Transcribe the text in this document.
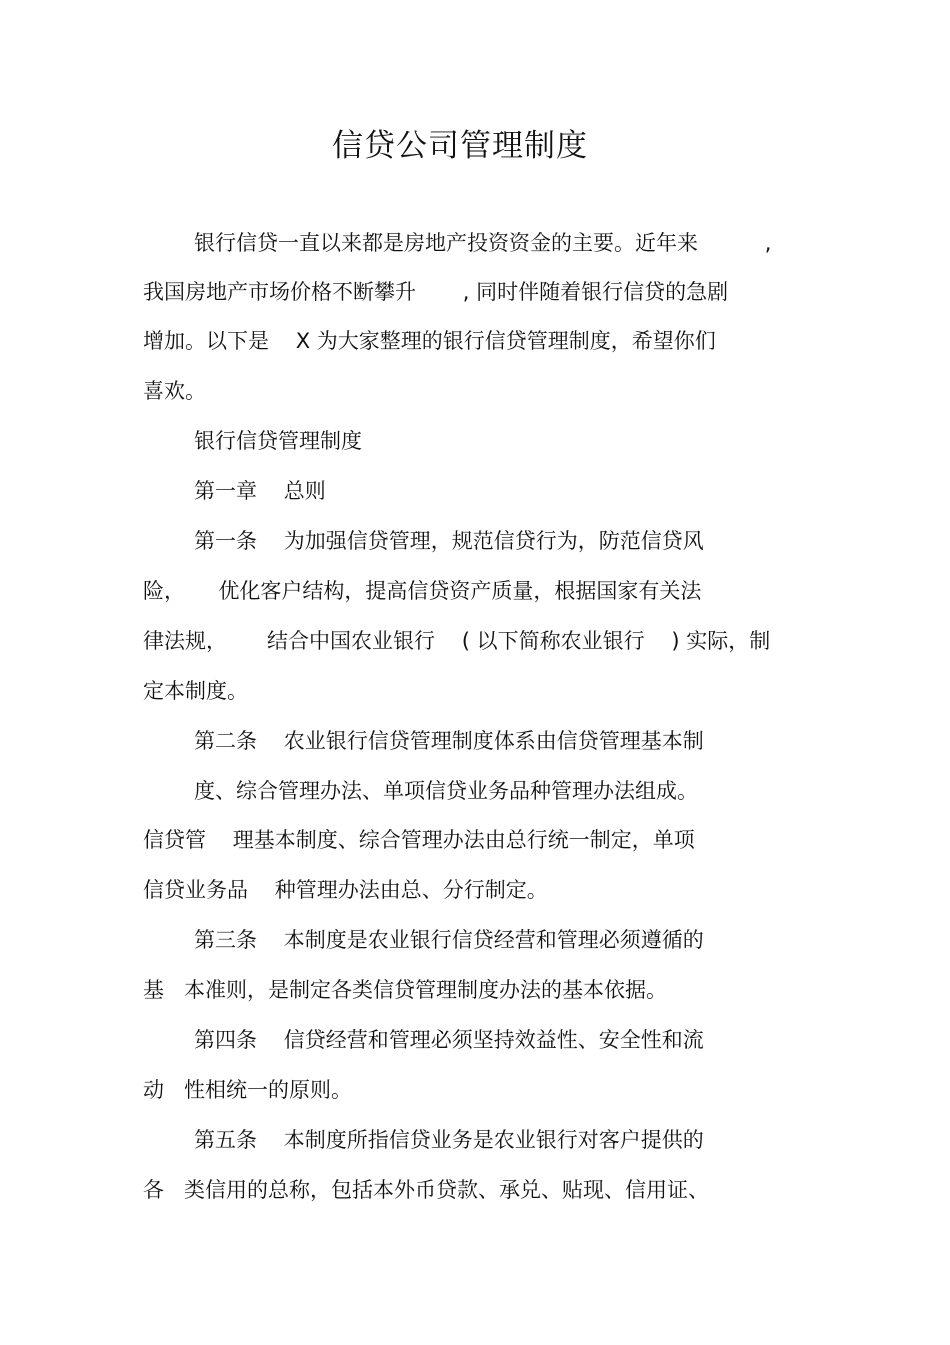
信贷公司管理制度
银行信贷一直以来都是房地产投资资金的主要。近年来          ,
我国房地产市场价格不断攀升       , 同时伴随着银行信贷的急剧
增加。以下是    X 为大家整理的银行信贷管理制度，希望你们
喜欢。
银行信贷管理制度
第一章    总则
第一条    为加强信贷管理，规范信贷行为，防范信贷风
险，     优化客户结构，提高信贷资产质量，根据国家有关法
律法规，      结合中国农业银行    ( 以下简称农业银行    ) 实际，制
定本制度。
第二条    农业银行信贷管理制度体系由信贷管理基本制
度、综合管理办法、单项信贷业务品种管理办法组成。
信贷管    理基本制度、综合管理办法由总行统一制定，单项
信贷业务品    种管理办法由总、分行制定。
第三条    本制度是农业银行信贷经营和管理必须遵循的
基   本准则，是制定各类信贷管理制度办法的基本依据。
第四条    信贷经营和管理必须坚持效益性、安全性和流
动   性相统一的原则。
第五条    本制度所指信贷业务是农业银行对客户提供的
各   类信用的总称，包括本外币贷款、承兑、贴现、信用证、
